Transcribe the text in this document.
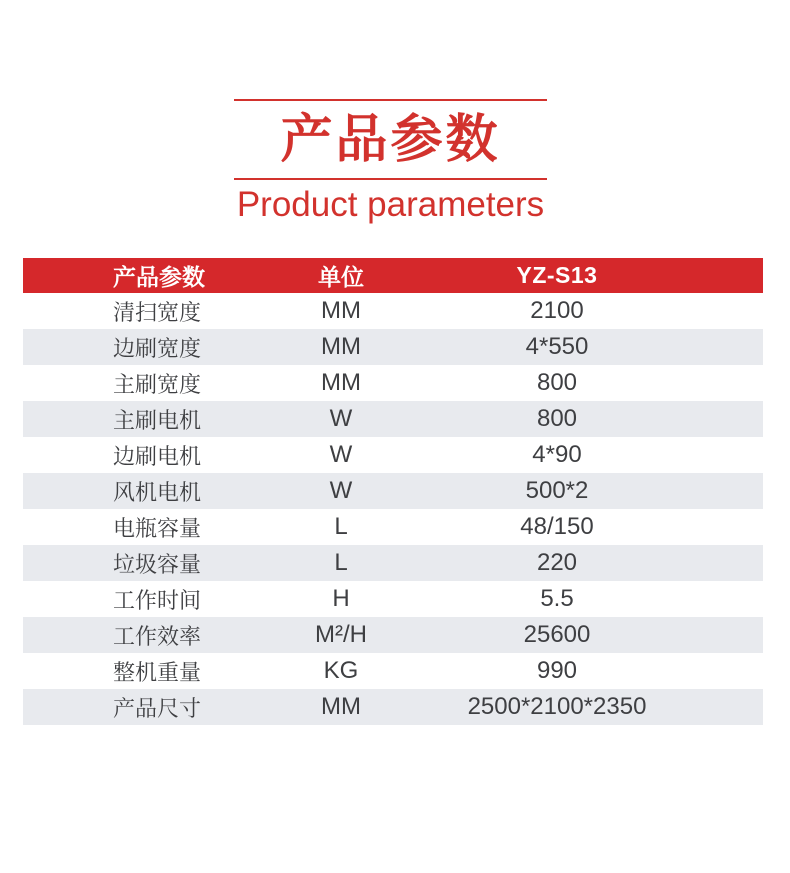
产品参数
Product parameters
产品参数	单位	YZ-S13
清扫宽度	MM	2100
边刷宽度	MM	4*550
主刷宽度	MM	800
主刷电机	W	800
边刷电机	W	4*90
风机电机	W	500*2
电瓶容量	L	48/150
垃圾容量	L	220
工作时间	H	5.5
工作效率	M²/H	25600
整机重量	KG	990
产品尺寸	MM	2500*2100*2350
